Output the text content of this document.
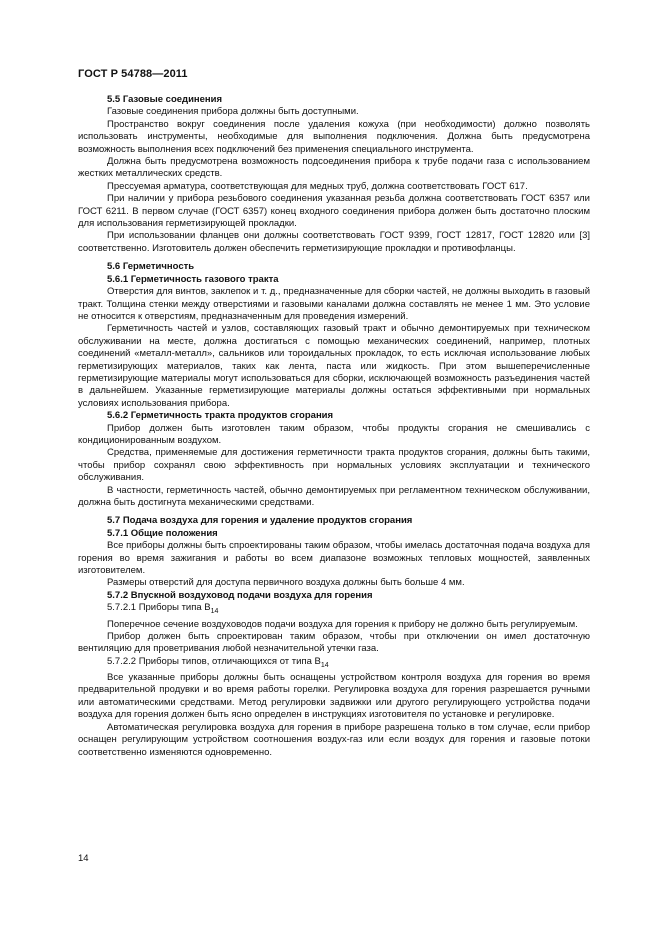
ГОСТ Р 54788—2011

5.5 Газовые соединения

Газовые соединения прибора должны быть доступными.

Пространство вокруг соединения после удаления кожуха (при необходимости) должно позволять использовать инструменты, необходимые для выполнения подключения. Должна быть предусмотрена возможность выполнения всех подключений без применения специального инструмента.

Должна быть предусмотрена возможность подсоединения прибора к трубе подачи газа с использованием жестких металлических средств.

Прессуемая арматура, соответствующая для медных труб, должна соответствовать ГОСТ 617.

При наличии у прибора резьбового соединения указанная резьба должна соответствовать ГОСТ 6357 или ГОСТ 6211. В первом случае (ГОСТ 6357) конец входного соединения прибора должен быть достаточно плоским для использования герметизирующей прокладки.

При использовании фланцев они должны соответствовать ГОСТ 9399, ГОСТ 12817, ГОСТ 12820 или [3] соответственно. Изготовитель должен обеспечить герметизирующие прокладки и противофланцы.

5.6 Герметичность

5.6.1 Герметичность газового тракта

Отверстия для винтов, заклепок и т. д., предназначенные для сборки частей, не должны выходить в газовый тракт. Толщина стенки между отверстиями и газовыми каналами должна составлять не менее 1 мм. Это условие не относится к отверстиям, предназначенным для проведения измерений.

Герметичность частей и узлов, составляющих газовый тракт и обычно демонтируемых при техническом обслуживании на месте, должна достигаться с помощью механических соединений, например, плотных соединений «металл-металл», сальников или тороидальных прокладок, то есть исключая использование любых герметизирующих материалов, таких как лента, паста или жидкость. При этом вышеперечисленные герметизирующие материалы могут использоваться для сборки, исключающей возможность разъединения частей в дальнейшем. Указанные герметизирующие материалы должны остаться эффективными при нормальных условиях использования прибора.

5.6.2 Герметичность тракта продуктов сгорания

Прибор должен быть изготовлен таким образом, чтобы продукты сгорания не смешивались с кондиционированным воздухом.

Средства, применяемые для достижения герметичности тракта продуктов сгорания, должны быть такими, чтобы прибор сохранял свою эффективность при нормальных условиях эксплуатации и технического обслуживания.

В частности, герметичность частей, обычно демонтируемых при регламентном техническом обслуживании, должна быть достигнута механическими средствами.

5.7 Подача воздуха для горения и удаление продуктов сгорания

5.7.1 Общие положения

Все приборы должны быть спроектированы таким образом, чтобы имелась достаточная подача воздуха для горения во время зажигания и работы во всем диапазоне возможных тепловых мощностей, заявленных изготовителем.

Размеры отверстий для доступа первичного воздуха должны быть больше 4 мм.

5.7.2 Впускной воздуховод подачи воздуха для горения

5.7.2.1 Приборы типа $B_{14}$

Поперечное сечение воздуховодов подачи воздуха для горения к прибору не должно быть регулируемым.

Прибор должен быть спроектирован таким образом, чтобы при отключении он имел достаточную вентиляцию для проветривания любой незначительной утечки газа.

5.7.2.2 Приборы типов, отличающихся от типа $B_{14}$

Все указанные приборы должны быть оснащены устройством контроля воздуха для горения во время предварительной продувки и во время работы горелки. Регулировка воздуха для горения разрешается ручными или автоматическими средствами. Метод регулировки задвижки или другого регулирующего устройства подачи воздуха для горения должен быть ясно определен в инструкциях изготовителя по установке и регулировке.

Автоматическая регулировка воздуха для горения в приборе разрешена только в том случае, если прибор оснащен регулирующим устройством соотношения воздух-газ или если воздух для горения и газовые потоки соответственно изменяются одновременно.

14
